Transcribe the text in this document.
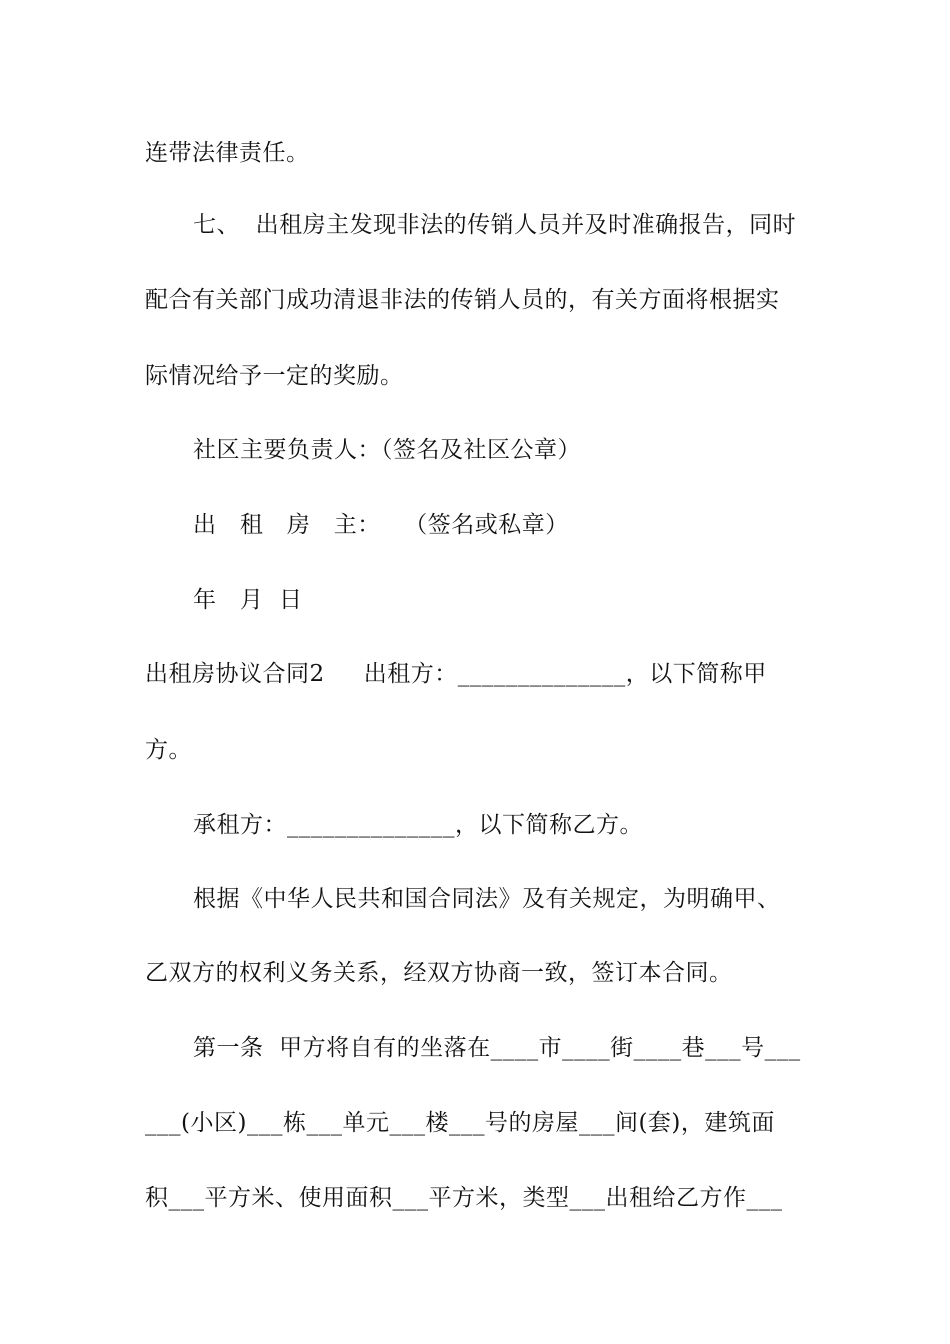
连带法律责任。
七、  出租房主发现非法的传销人员并及时准确报告，同时
配合有关部门成功清退非法的传销人员的，有关方面将根据实
际情况给予一定的奖励。
社区主要负责人：（签名及社区公章）
出   租   房   主：   （签名或私章）
年   月  日
出租房协议合同2     出租方：______________，以下简称甲
方。
承租方：______________，以下简称乙方。
根据《中华人民共和国合同法》及有关规定，为明确甲、
乙双方的权利义务关系，经双方协商一致，签订本合同。
第一条  甲方将自有的坐落在____市____街____巷___号___
___(小区)___栋___单元___楼___号的房屋___间(套)，建筑面
积___平方米、使用面积___平方米，类型___出租给乙方作___
